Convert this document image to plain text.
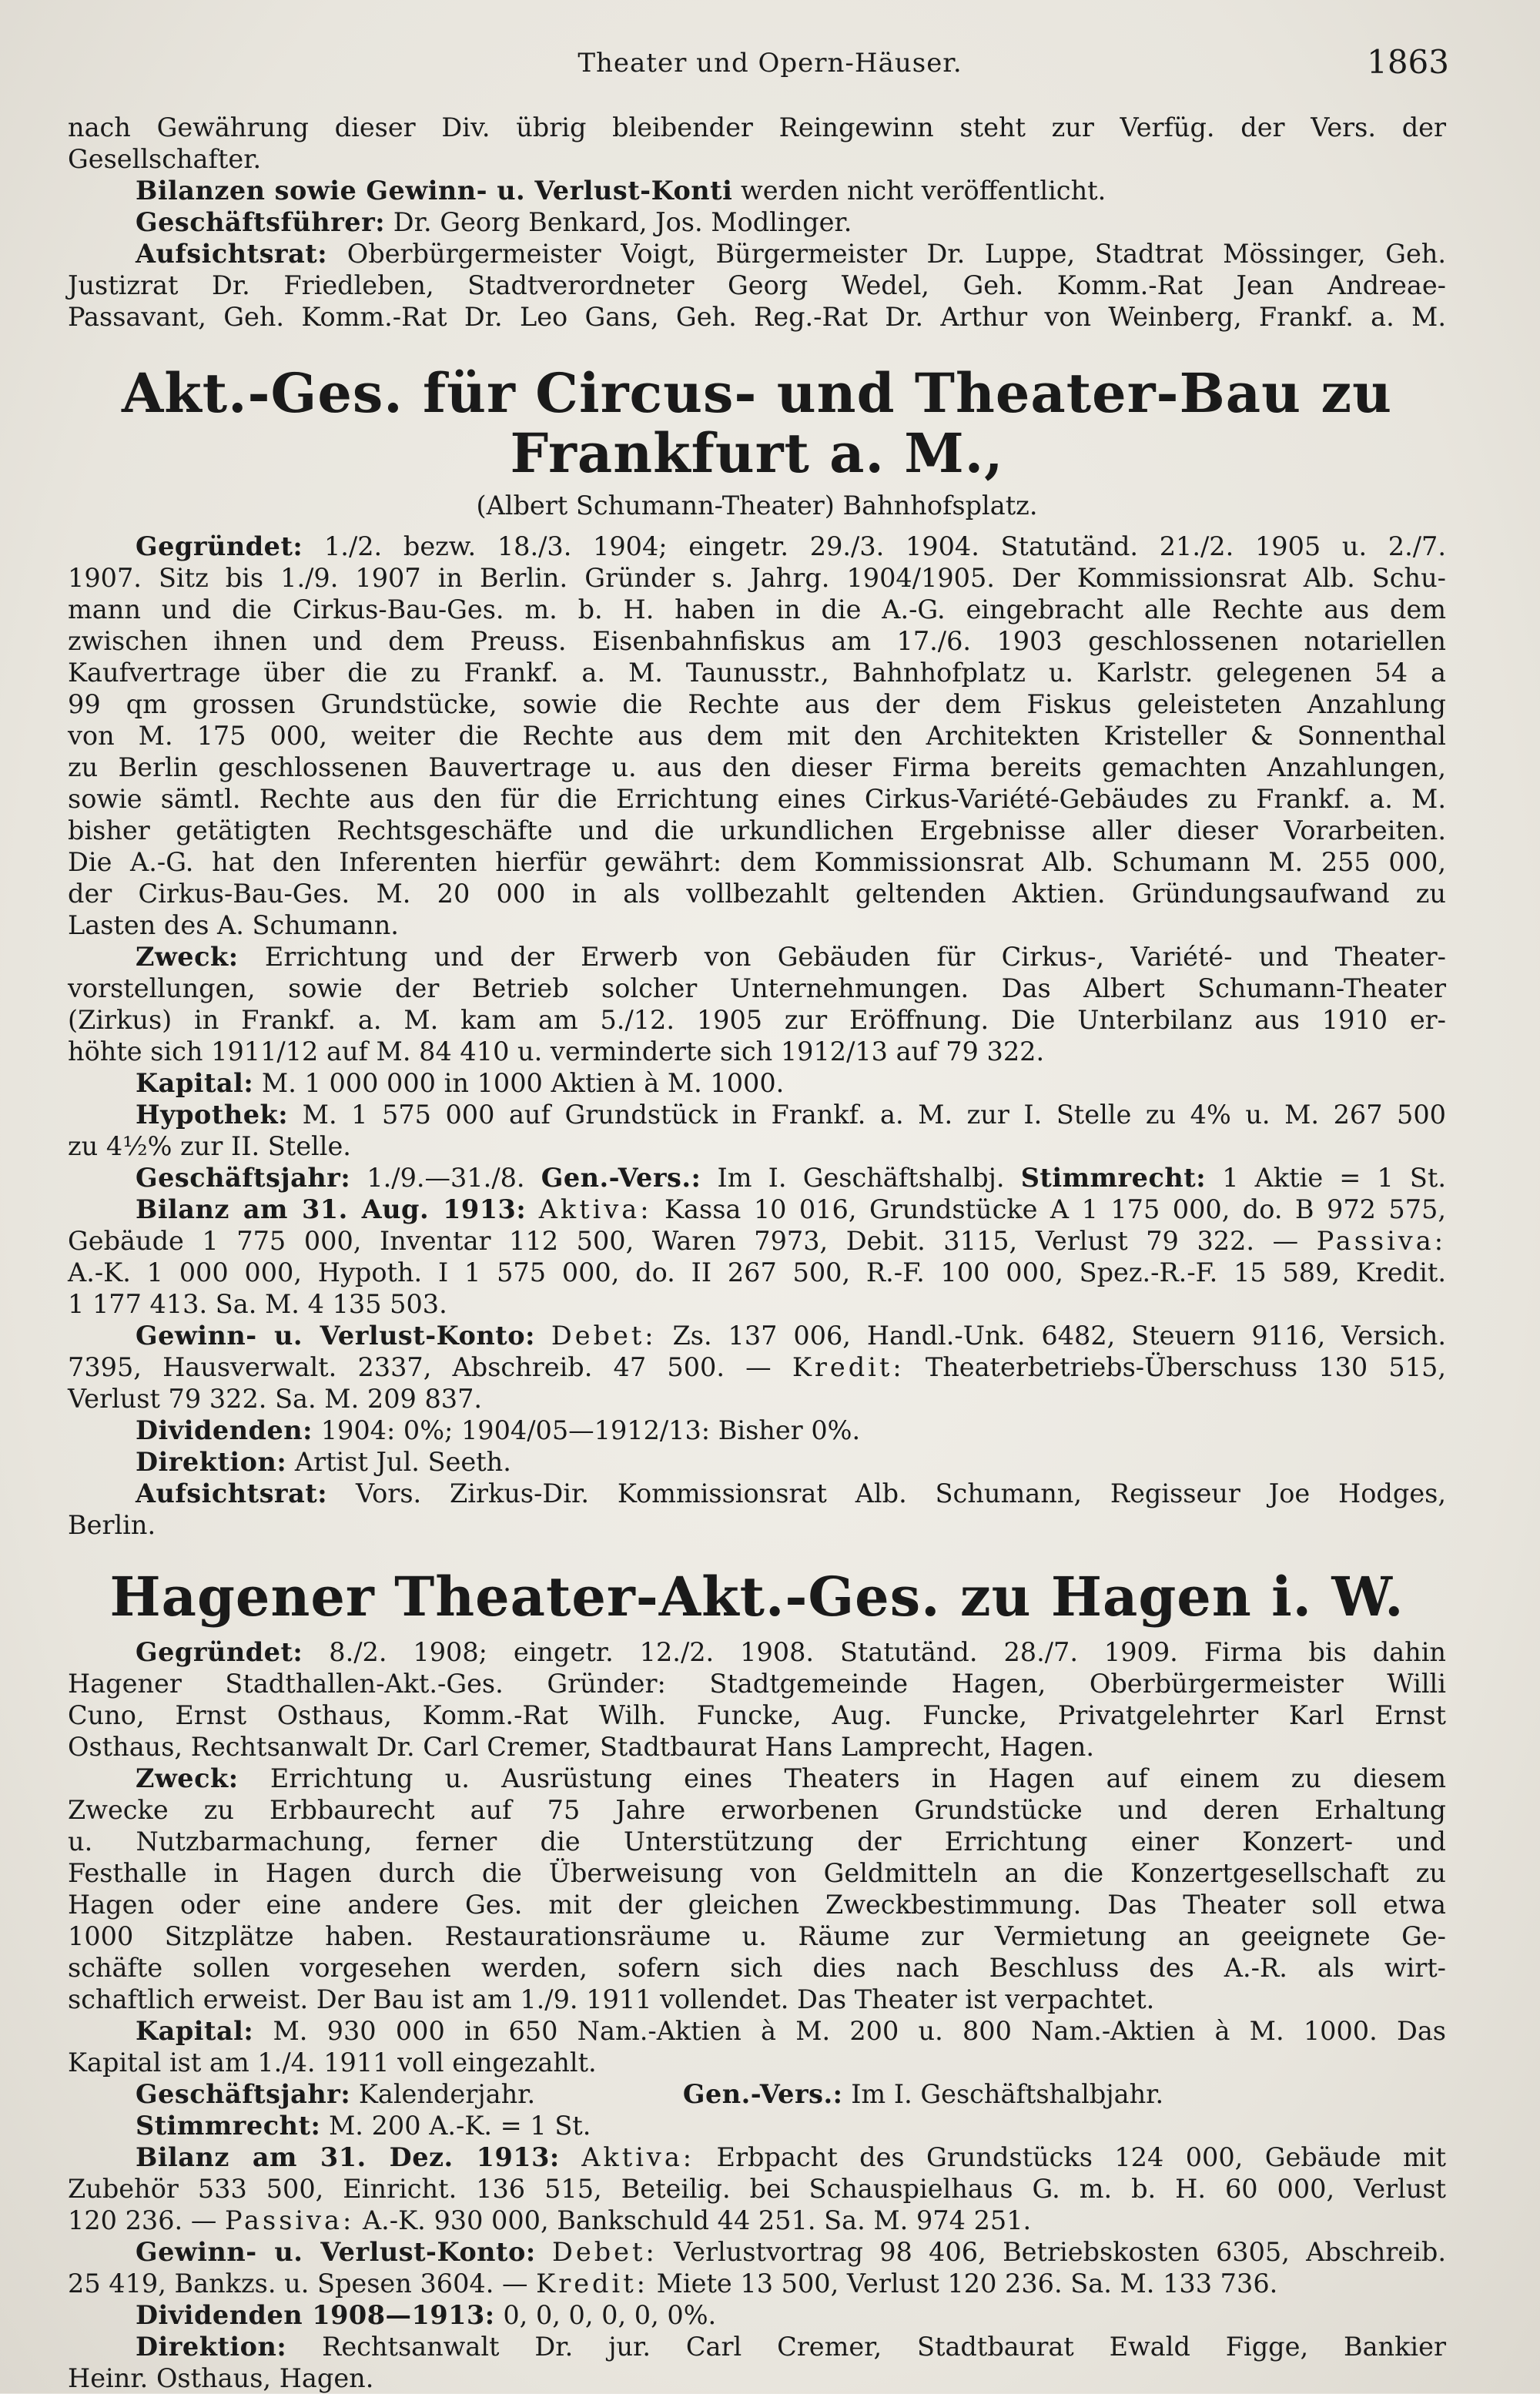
Theater und Opern-Häuser.	1863

nach Gewährung dieser Div. übrig bleibender Reingewinn steht zur Verfüg. der Vers. der

Gesellschafter.

Bilanzen sowie Gewinn- u. Verlust-Konti werden nicht veröffentlicht.

Geschäftsführer: Dr. Georg Benkard, Jos. Modlinger.

Aufsichtsrat: Oberbürgermeister Voigt, Bürgermeister Dr. Luppe, Stadtrat Mössinger, Geh.

Justizrat Dr. Friedleben, Stadtverordneter Georg Wedel, Geh. Komm.-Rat Jean Andreae-

Passavant, Geh. Komm.-Rat Dr. Leo Gans, Geh. Reg.-Rat Dr. Arthur von Weinberg, Frankf. a. M.

Akt.-Ges. für Circus- und Theater-Bau zu Frankfurt a. M.,
(Albert Schumann-Theater) Bahnhofsplatz.

Gegründet: 1./2. bezw. 18./3. 1904; eingetr. 29./3. 1904. Statutänd. 21./2. 1905 u. 2./7.

1907. Sitz bis 1./9. 1907 in Berlin. Gründer s. Jahrg. 1904/1905. Der Kommissionsrat Alb. Schu-

mann und die Cirkus-Bau-Ges. m. b. H. haben in die A.-G. eingebracht alle Rechte aus dem

zwischen ihnen und dem Preuss. Eisenbahnfiskus am 17./6. 1903 geschlossenen notariellen

Kaufvertrage über die zu Frankf. a. M. Taunusstr., Bahnhofplatz u. Karlstr. gelegenen 54 a

99 qm grossen Grundstücke, sowie die Rechte aus der dem Fiskus geleisteten Anzahlung

von M. 175 000, weiter die Rechte aus dem mit den Architekten Kristeller & Sonnenthal

zu Berlin geschlossenen Bauvertrage u. aus den dieser Firma bereits gemachten Anzahlungen,

sowie sämtl. Rechte aus den für die Errichtung eines Cirkus-Variété-Gebäudes zu Frankf. a. M.

bisher getätigten Rechtsgeschäfte und die urkundlichen Ergebnisse aller dieser Vorarbeiten.

Die A.-G. hat den Inferenten hierfür gewährt: dem Kommissionsrat Alb. Schumann M. 255 000,

der Cirkus-Bau-Ges. M. 20 000 in als vollbezahlt geltenden Aktien. Gründungsaufwand zu

Lasten des A. Schumann.

Zweck: Errichtung und der Erwerb von Gebäuden für Cirkus-, Variété- und Theater-

vorstellungen, sowie der Betrieb solcher Unternehmungen. Das Albert Schumann-Theater

(Zirkus) in Frankf. a. M. kam am 5./12. 1905 zur Eröffnung. Die Unterbilanz aus 1910 er-

höhte sich 1911/12 auf M. 84 410 u. verminderte sich 1912/13 auf 79 322.

Kapital: M. 1 000 000 in 1000 Aktien à M. 1000.

Hypothek: M. 1 575 000 auf Grundstück in Frankf. a. M. zur I. Stelle zu 4% u. M. 267 500

zu 4½% zur II. Stelle.

Geschäftsjahr: 1./9.—31./8. Gen.-Vers.: Im I. Geschäftshalbj. Stimmrecht: 1 Aktie = 1 St.

Bilanz am 31. Aug. 1913: Aktiva: Kassa 10 016, Grundstücke A 1 175 000, do. B 972 575,

Gebäude 1 775 000, Inventar 112 500, Waren 7973, Debit. 3115, Verlust 79 322. — Passiva:

A.-K. 1 000 000, Hypoth. I 1 575 000, do. II 267 500, R.-F. 100 000, Spez.-R.-F. 15 589, Kredit.

1 177 413. Sa. M. 4 135 503.

Gewinn- u. Verlust-Konto: Debet: Zs. 137 006, Handl.-Unk. 6482, Steuern 9116, Versich.

7395, Hausverwalt. 2337, Abschreib. 47 500. — Kredit: Theaterbetriebs-Überschuss 130 515,

Verlust 79 322. Sa. M. 209 837.

Dividenden: 1904: 0%; 1904/05—1912/13: Bisher 0%.

Direktion: Artist Jul. Seeth.

Aufsichtsrat: Vors. Zirkus-Dir. Kommissionsrat Alb. Schumann, Regisseur Joe Hodges,

Berlin.

Hagener Theater-Akt.-Ges. zu Hagen i. W.

Gegründet: 8./2. 1908; eingetr. 12./2. 1908. Statutänd. 28./7. 1909. Firma bis dahin

Hagener Stadthallen-Akt.-Ges. Gründer: Stadtgemeinde Hagen, Oberbürgermeister Willi

Cuno, Ernst Osthaus, Komm.-Rat Wilh. Funcke, Aug. Funcke, Privatgelehrter Karl Ernst

Osthaus, Rechtsanwalt Dr. Carl Cremer, Stadtbaurat Hans Lamprecht, Hagen.

Zweck: Errichtung u. Ausrüstung eines Theaters in Hagen auf einem zu diesem

Zwecke zu Erbbaurecht auf 75 Jahre erworbenen Grundstücke und deren Erhaltung

u. Nutzbarmachung, ferner die Unterstützung der Errichtung einer Konzert- und

Festhalle in Hagen durch die Überweisung von Geldmitteln an die Konzertgesellschaft zu

Hagen oder eine andere Ges. mit der gleichen Zweckbestimmung. Das Theater soll etwa

1000 Sitzplätze haben. Restaurationsräume u. Räume zur Vermietung an geeignete Ge-

schäfte sollen vorgesehen werden, sofern sich dies nach Beschluss des A.-R. als wirt-

schaftlich erweist. Der Bau ist am 1./9. 1911 vollendet. Das Theater ist verpachtet.

Kapital: M. 930 000 in 650 Nam.-Aktien à M. 200 u. 800 Nam.-Aktien à M. 1000. Das

Kapital ist am 1./4. 1911 voll eingezahlt.

Geschäftsjahr: Kalenderjahr.	Gen.-Vers.: Im I. Geschäftshalbjahr.

Stimmrecht: M. 200 A.-K. = 1 St.

Bilanz am 31. Dez. 1913: Aktiva: Erbpacht des Grundstücks 124 000, Gebäude mit

Zubehör 533 500, Einricht. 136 515, Beteilig. bei Schauspielhaus G. m. b. H. 60 000, Verlust

120 236. — Passiva: A.-K. 930 000, Bankschuld 44 251. Sa. M. 974 251.

Gewinn- u. Verlust-Konto: Debet: Verlustvortrag 98 406, Betriebskosten 6305, Abschreib.

25 419, Bankzs. u. Spesen 3604. — Kredit: Miete 13 500, Verlust 120 236. Sa. M. 133 736.

Dividenden 1908—1913: 0, 0, 0, 0, 0, 0%.

Direktion: Rechtsanwalt Dr. jur. Carl Cremer, Stadtbaurat Ewald Figge, Bankier

Heinr. Osthaus, Hagen.
